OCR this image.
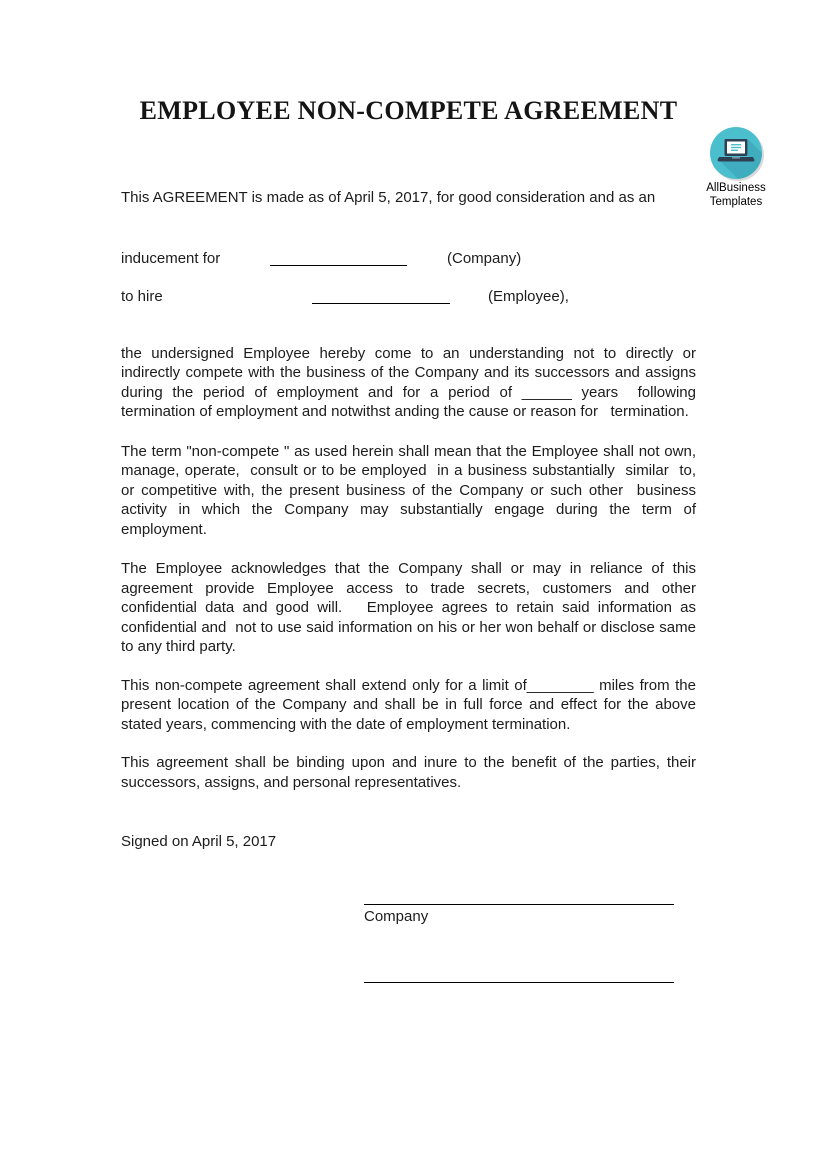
AllBusiness
Templates
EMPLOYEE NON-COMPETE AGREEMENT

This AGREEMENT is made as of April 5, 2017, for good consideration and as an

inducement for	(Company)
to hire	(Employee),

the undersigned Employee hereby come to an understanding not to directly or indirectly compete with the business of the Company and its successors and assigns during the period of employment and for a period of ______ years  following termination of employment and notwithst anding the cause or reason for   termination.

The term "non-compete " as used herein shall mean that the Employee shall not own, manage, operate,  consult or to be employed  in a business substantially  similar  to,  or competitive with, the present business of the Company or such other  business activity in which the Company may substantially engage during the term of employment.

The Employee acknowledges that the Company shall or may in reliance of this agreement provide Employee access to trade secrets, customers and other confidential data and good will.   Employee agrees to retain said information as confidential and  not to use said information on his or her won behalf or disclose same to any third party.

This non-compete agreement shall extend only for a limit of________ miles from the present location of the Company and shall be in full force and effect for the above stated years, commencing with the date of employment termination.

This agreement shall be binding upon and inure to the benefit of the parties, their successors, assigns, and personal representatives.

Signed on April 5, 2017

Company
